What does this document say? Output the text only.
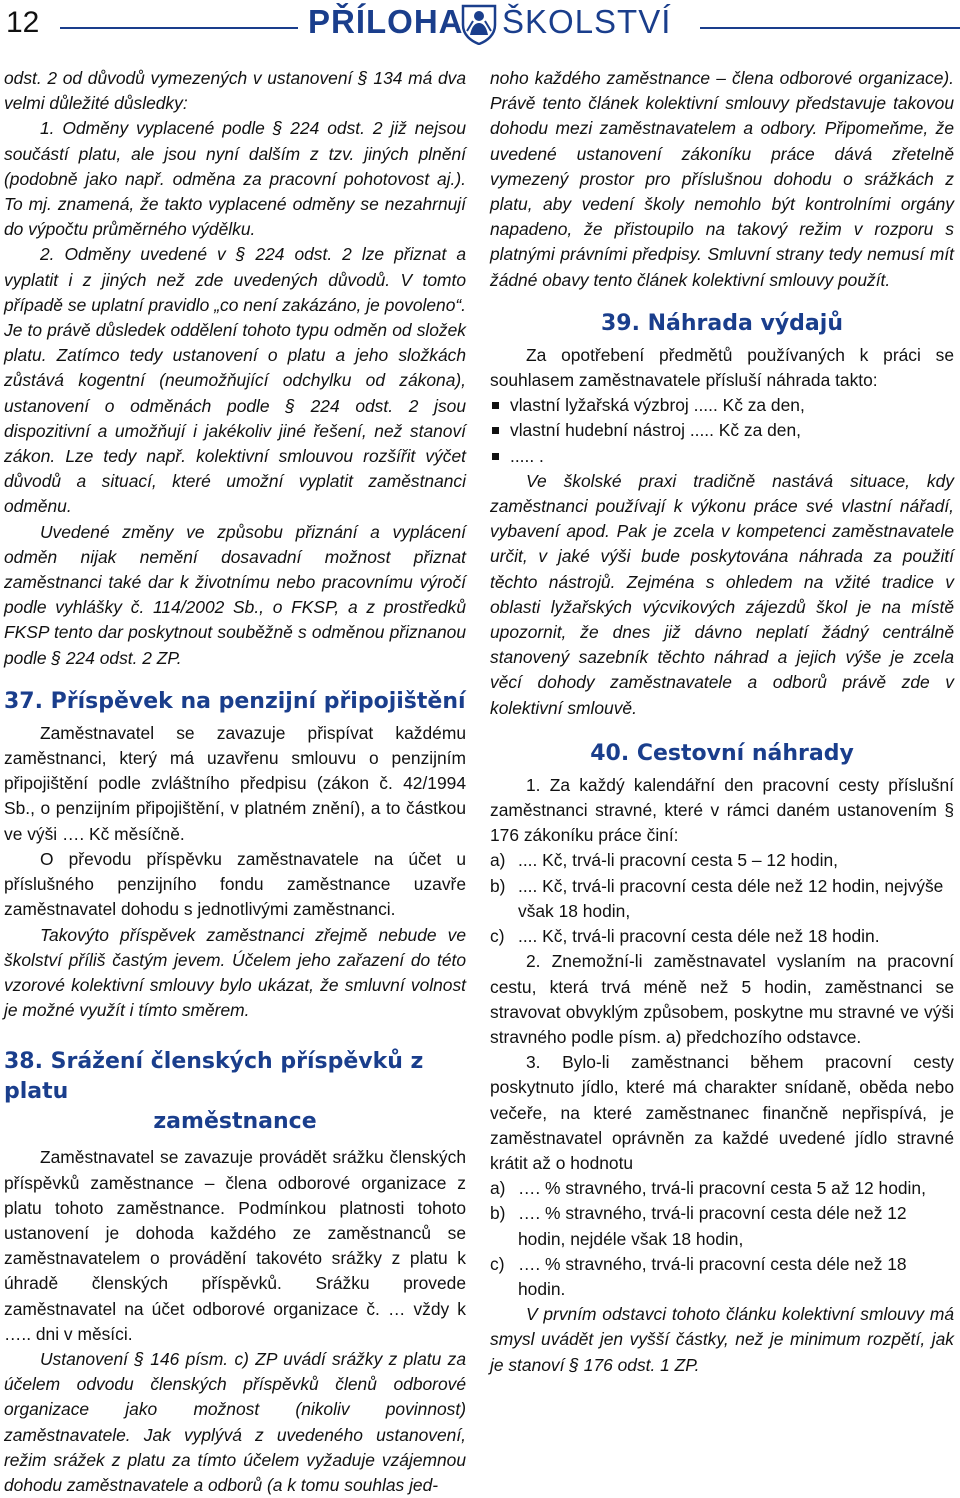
12	PŘÍLOHA ŠKOLSTVÍ

odst. 2 od důvodů vymezených v ustanovení § 134 má dva velmi důležité důsledky:

1. Odměny vyplacené podle § 224 odst. 2 již nejsou součástí platu, ale jsou nyní dalším z tzv. jiných plnění (podobně jako např. odměna za pracovní pohotovost aj.). To mj. znamená, že takto vyplacené odměny se nezahrnují do výpočtu průměrného výdělku.

2. Odměny uvedené v § 224 odst. 2 lze přiznat a vyplatit i z jiných než zde uvedených důvodů. V tomto případě se uplatní pravidlo „co není zakázáno, je povoleno“. Je to právě důsledek oddělení tohoto typu odměn od složek platu. Zatímco tedy ustanovení o platu a jeho složkách zůstává kogentní (neumožňující odchylku od zákona), ustanovení o odměnách podle § 224 odst. 2 jsou dispozitivní a umožňují i jakékoliv jiné řešení, než stanoví zákon. Lze tedy např. kolektivní smlouvou rozšířit výčet důvodů a situací, které umožní vyplatit zaměstnanci odměnu.

Uvedené změny ve způsobu přiznání a vyplácení odměn nijak nemění dosavadní možnost přiznat zaměstnanci také dar k životnímu nebo pracovnímu výročí podle vyhlášky č. 114/2002 Sb., o FKSP, a z prostředků FKSP tento dar poskytnout souběžně s odměnou přiznanou podle § 224 odst. 2 ZP.

37. Příspěvek na penzijní připojištění

Zaměstnavatel se zavazuje přispívat každému zaměstnanci, který má uzavřenu smlouvu o penzijním připojištění podle zvláštního předpisu (zákon č. 42/1994 Sb., o penzijním připojištění, v platném znění), a to částkou ve výši …. Kč měsíčně.

O převodu příspěvku zaměstnavatele na účet u příslušného penzijního fondu zaměstnance uzavře zaměstnavatel dohodu s jednotlivými zaměstnanci.

Takovýto příspěvek zaměstnanci zřejmě nebude ve školství příliš častým jevem. Účelem jeho zařazení do této vzorové kolektivní smlouvy bylo ukázat, že smluvní volnost je možné využít i tímto směrem.

38. Srážení členských příspěvků z platu
zaměstnance

Zaměstnavatel se zavazuje provádět srážku členských příspěvků zaměstnance – člena odborové organizace z platu tohoto zaměstnance. Podmínkou platnosti tohoto ustanovení je dohoda každého ze zaměstnanců se zaměstnavatelem o provádění takovéto srážky z platu k úhradě členských příspěvků. Srážku provede zaměstnavatel na účet odborové organizace č. … vždy k ….. dni v měsíci.

Ustanovení § 146 písm. c) ZP uvádí srážky z platu za účelem odvodu členských příspěvků členů odborové organizace jako možnost (nikoliv povinnost) zaměstnavatele. Jak vyplývá z uvedeného ustanovení, režim srážek z platu za tímto účelem vyžaduje vzájemnou dohodu zaměstnavatele a odborů (a k tomu souhlas jed-

noho každého zaměstnance – člena odborové organizace). Právě tento článek kolektivní smlouvy představuje takovou dohodu mezi zaměstnavatelem a odbory. Připomeňme, že uvedené ustanovení zákoníku práce dává zřetelně vymezený prostor pro příslušnou dohodu o srážkách z platu, aby vedení školy nemohlo být kontrolními orgány napadeno, že přistoupilo na takový režim v rozporu s platnými právními předpisy. Smluvní strany tedy nemusí mít žádné obavy tento článek kolektivní smlouvy použít.

39. Náhrada výdajů

Za opotřebení předmětů používaných k práci se souhlasem zaměstnavatele přísluší náhrada takto:

vlastní lyžařská výzbroj ..... Kč za den,
vlastní hudební nástroj ..... Kč za den,
..... .

Ve školské praxi tradičně nastává situace, kdy zaměstnanci používají k výkonu práce své vlastní nářadí, vybavení apod. Pak je zcela v kompetenci zaměstnavatele určit, v jaké výši bude poskytována náhrada za použití těchto nástrojů. Zejména s ohledem na vžité tradice v oblasti lyžařských výcvikových zájezdů škol je na místě upozornit, že dnes již dávno neplatí žádný centrálně stanovený sazebník těchto náhrad a jejich výše je zcela věcí dohody zaměstnavatele a odborů právě zde v kolektivní smlouvě.

40. Cestovní náhrady

1. Za každý kalendářní den pracovní cesty příslušní zaměstnanci stravné, které v rámci daném ustanovením § 176 zákoníku práce činí:

a) .... Kč, trvá-li pracovní cesta 5 – 12 hodin,
b) .... Kč, trvá-li pracovní cesta déle než 12 hodin, nejvýše však 18 hodin,
c) .... Kč, trvá-li pracovní cesta déle než 18 hodin.

2. Znemožní-li zaměstnavatel vyslaním na pracovní cestu, která trvá méně než 5 hodin, zaměstnanci se stravovat obvyklým způsobem, poskytne mu stravné ve výši stravného podle písm. a) předchozího odstavce.

3. Bylo-li zaměstnanci během pracovní cesty poskytnuto jídlo, které má charakter snídaně, oběda nebo večeře, na které zaměstnanec finančně nepřispívá, je zaměstnavatel oprávněn za každé uvedené jídlo stravné krátit až o hodnotu

a) …. % stravného, trvá-li pracovní cesta 5 až 12 hodin,
b) …. % stravného, trvá-li pracovní cesta déle než 12 hodin, nejdéle však 18 hodin,
c) …. % stravného, trvá-li pracovní cesta déle než 18 hodin.

V prvním odstavci tohoto článku kolektivní smlouvy má smysl uvádět jen vyšší částky, než je minimum rozpětí, jak je stanoví § 176 odst. 1 ZP.
